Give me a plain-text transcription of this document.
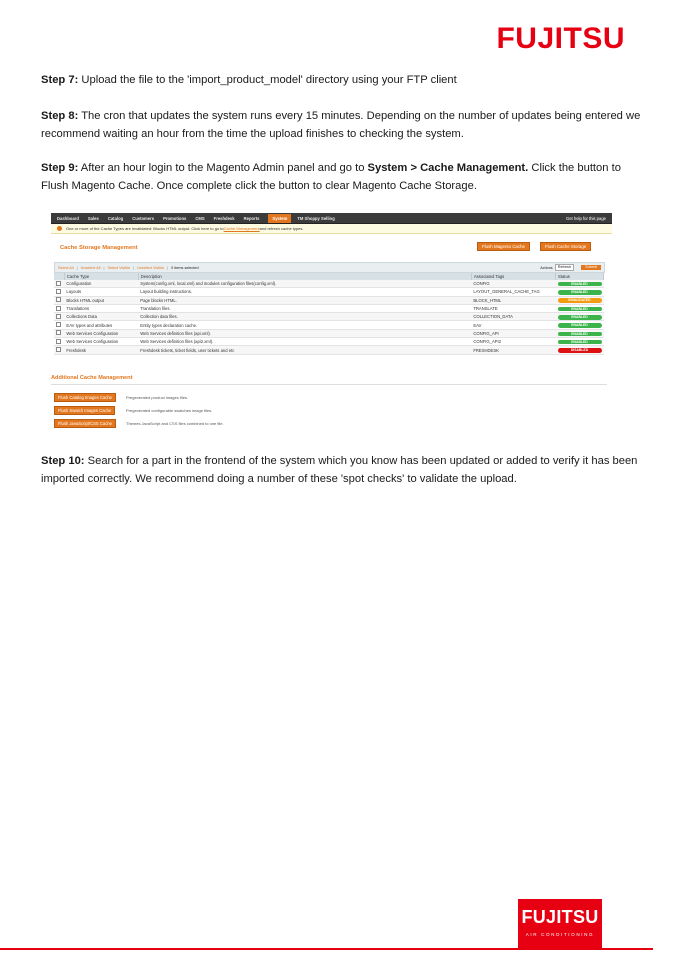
FUJITSU
Step 7: Upload the file to the 'import_product_model' directory using your FTP client
Step 8: The cron that updates the system runs every 15 minutes. Depending on the number of updates being entered we recommend waiting an hour from the time the upload finishes to checking the system.
Step 9: After an hour login to the Magento Admin panel and go to System > Cache Management. Click the button to Flush Magento Cache. Once complete click the button to clear Magento Cache Storage.
Dashboard Sales Catalog Customers Promotions CMS Freshdesk Reports	System	TM Shoppy Selling	Get help for this page
One or more of the Cache Types are invalidated: Blocks HTML output. Click here to go to Cache Management and refresh cache types.
Cache Storage Management	Flush Magento Cache	Flush Cache Storage
Select All | Unselect All | Select Visible | Unselect Visible | 0 items selected	Actions	Refresh	Submit
	Cache Type	Description	Associated Tags	Status
	Configuration	System(config.xml, local.xml) and modules configuration files(config.xml).	CONFIG	ENABLED
	Layouts	Layout building instructions.	LAYOUT_GENERAL_CACHE_TAG	ENABLED
	Blocks HTML output	Page blocks HTML.	BLOCK_HTML	INVALIDATED
	Translations	Translation files.	TRANSLATE	ENABLED
	Collections Data	Collection data files.	COLLECTION_DATA	ENABLED
	EAV types and attributes	Entity types declaration cache.	EAV	ENABLED
	Web Services Configuration	Web Services definition files (api.xml).	CONFIG_API	ENABLED
	Web Services Configuration	Web Services definition files (api2.xml).	CONFIG_API2	ENABLED
	Freshdesk	Freshdesk tickets, ticket fields, user tickets and etc	FRESHDESK	DISABLED
Additional Cache Management
Flush Catalog Images Cache	Pregenerated product images files.
Flush Swatch Images Cache	Pregenerated configurable swatches image files.
Flush JavaScript/CSS Cache	Themes JavaScript and CSS files combined to one file.
Step 10: Search for a part in the frontend of the system which you know has been updated or added to verify it has been imported correctly. We recommend doing a number of these 'spot checks' to validate the upload.
FUJITSU
AIR CONDITIONING
